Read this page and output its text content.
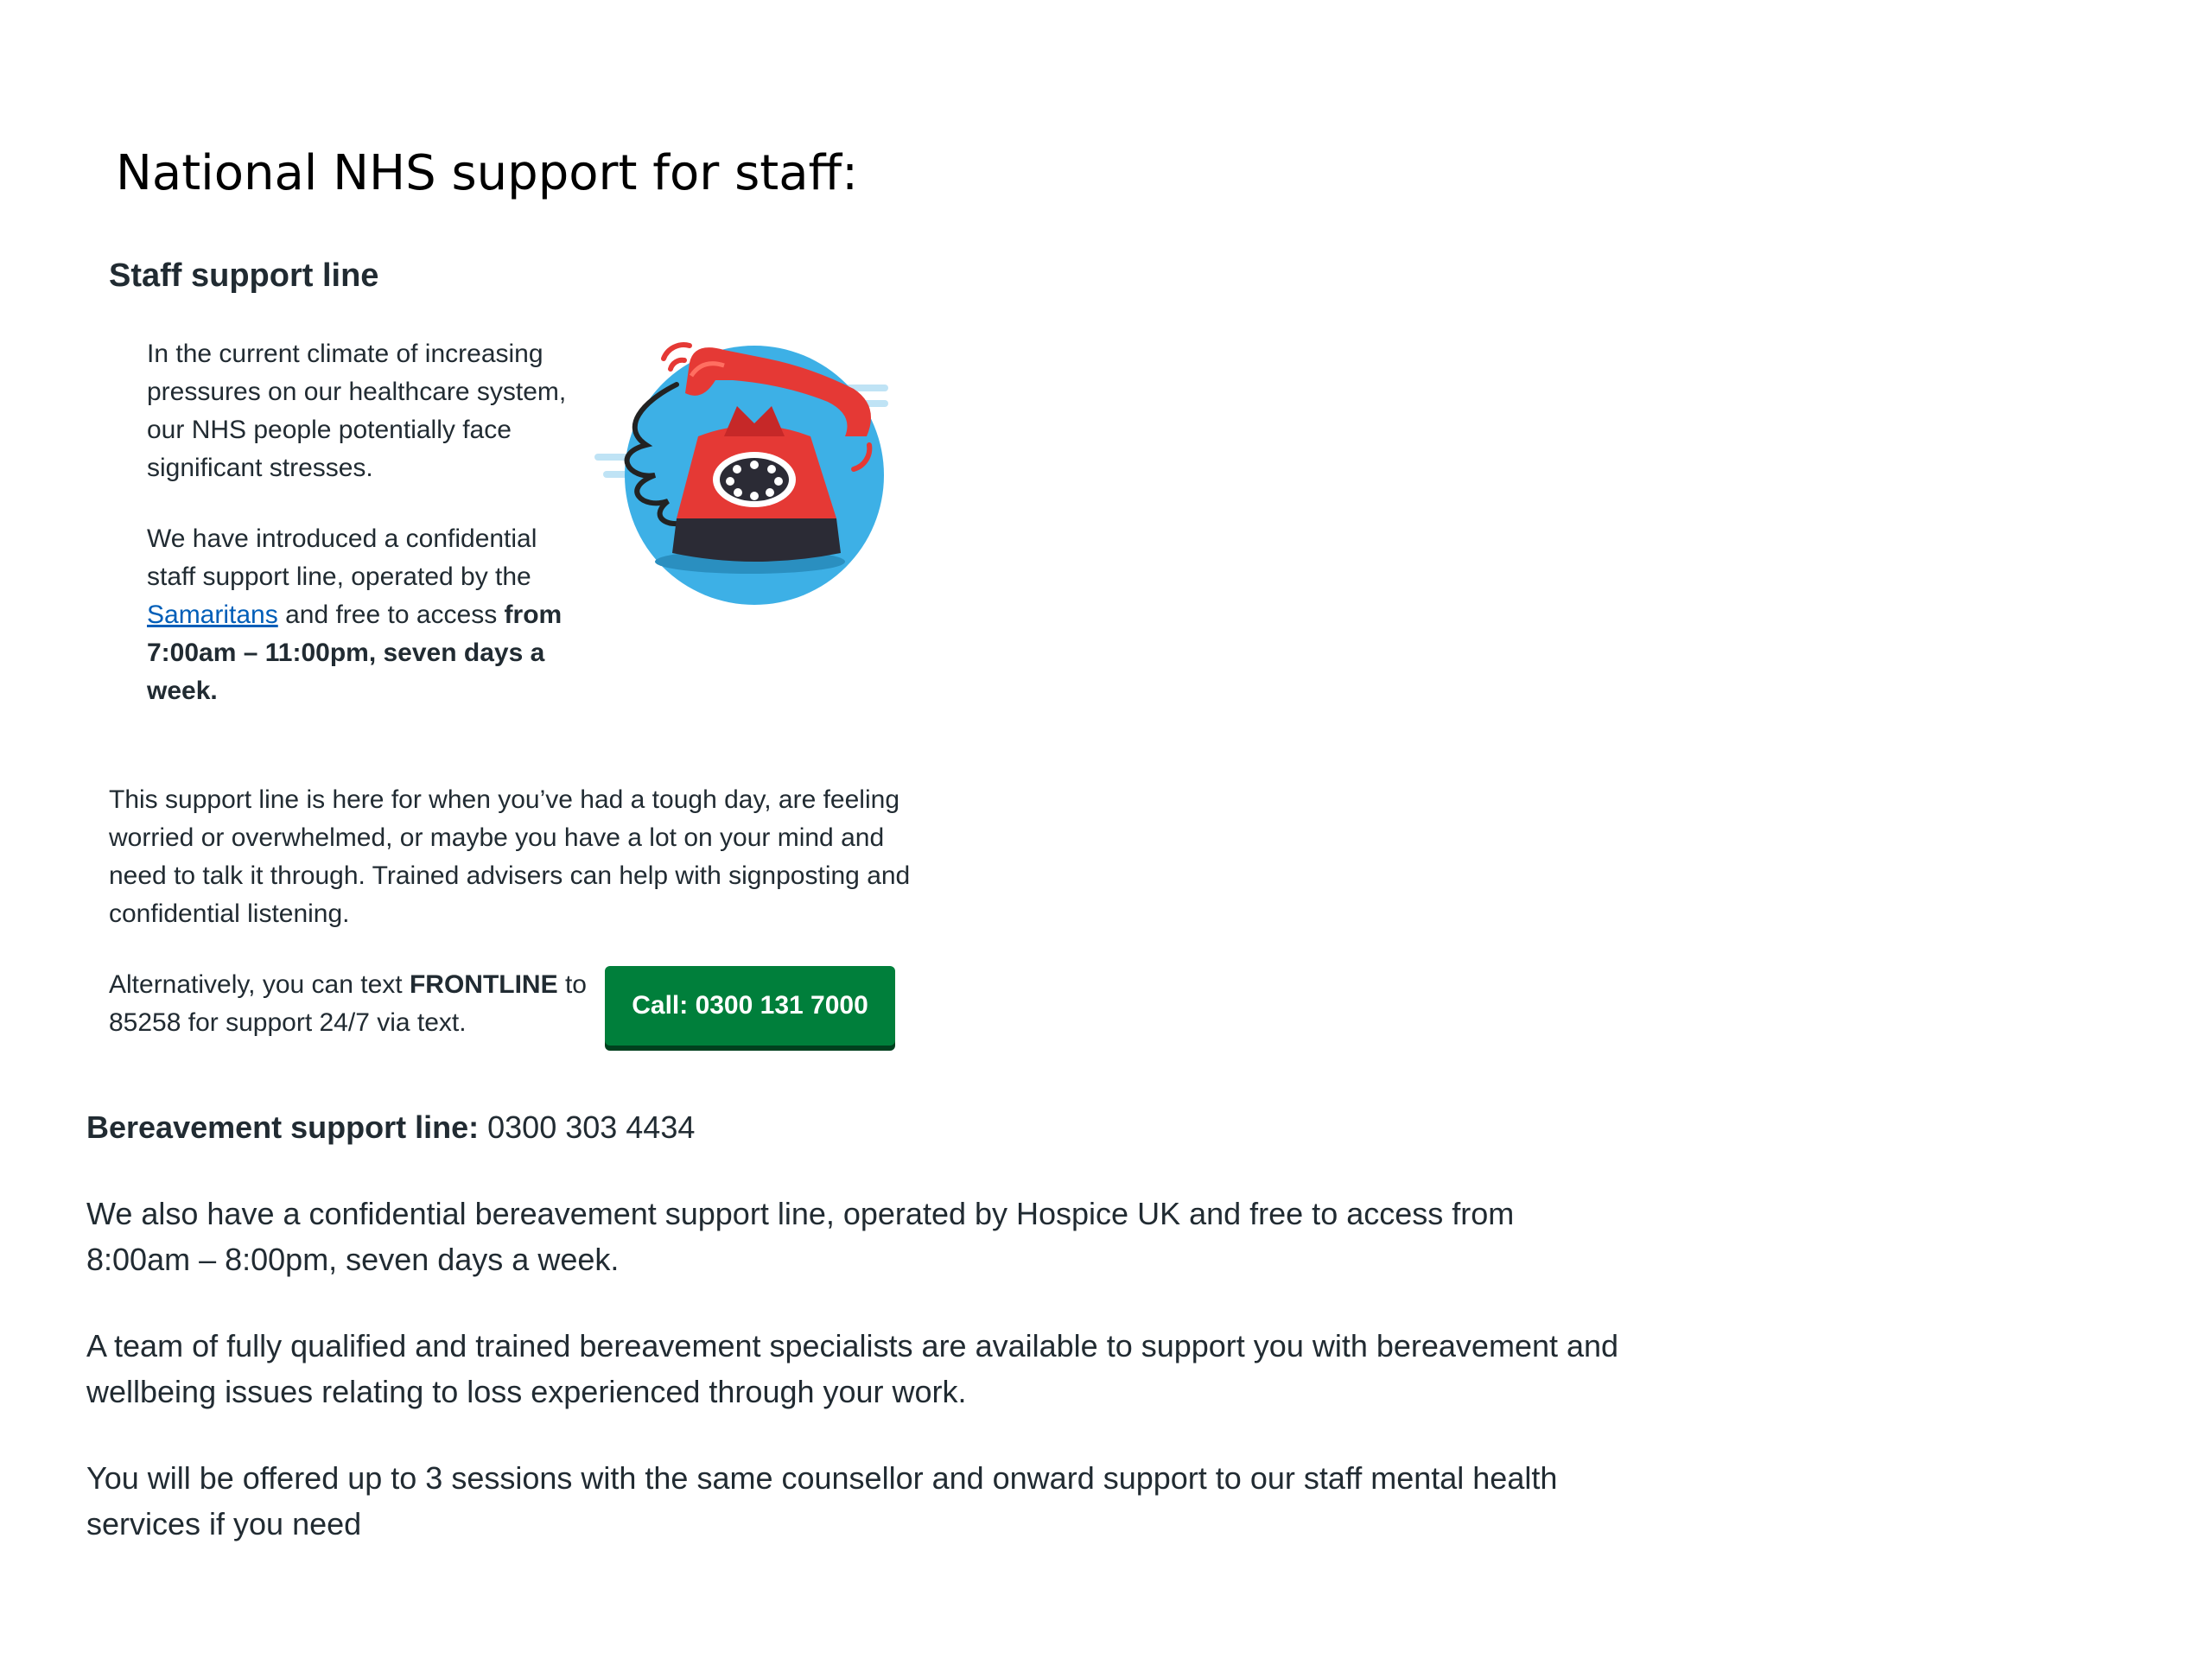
National NHS support for staff:
Staff support line

In the current climate of increasing pressures on our healthcare system, our NHS people potentially face significant stresses.

We have introduced a confidential staff support line, operated by the Samaritans and free to access from 7:00am – 11:00pm, seven days a week.

This support line is here for when you’ve had a tough day, are feeling worried or overwhelmed, or maybe you have a lot on your mind and need to talk it through. Trained advisers can help with signposting and confidential listening.

Alternatively, you can text FRONTLINE to 85258 for support 24/7 via text.

Call: 0300 131 7000

Bereavement support line: 0300 303 4434

We also have a confidential bereavement support line, operated by Hospice UK and free to access from 8:00am – 8:00pm, seven days a week.

A team of fully qualified and trained bereavement specialists are available to support you with bereavement and wellbeing issues relating to loss experienced through your work.

You will be offered up to 3 sessions with the same counsellor and onward support to our staff mental health services if you need
